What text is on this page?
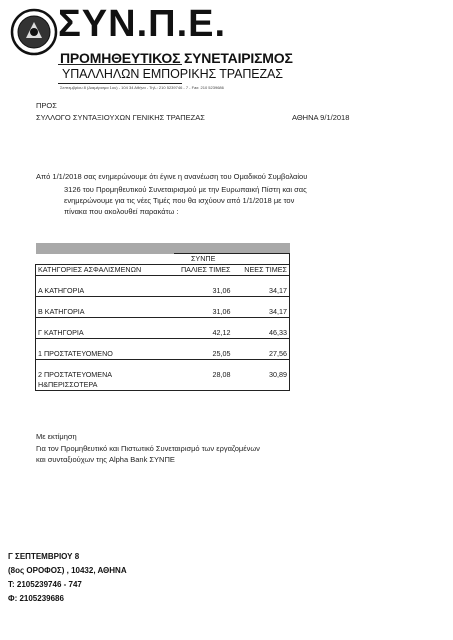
ΣΥΝ.Π.Ε.
ΠΡΟΜΗΘΕΥΤΙΚΟΣ ΣΥΝΕΤΑΙΡΙΣΜΟΣ
ΥΠΑΛΛΗΛΩΝ ΕΜΠΟΡΙΚΗΣ ΤΡΑΠΕΖΑΣ
Σεπτεμβρίου 8 (Διαμέρισμα 1ου) - 104 34 Αθήνα - Τηλ.: 210 5239746 - 7 - Fax: 210 5239686
ΠΡΟΣ
ΣΥΛΛΟΓΟ ΣΥΝΤΑΞΙΟΥΧΩΝ ΓΕΝΙΚΗΣ ΤΡΑΠΕΖΑΣ	ΑΘΗΝΑ 9/1/2018
Από 1/1/2018 σας ενημερώνουμε ότι έγινε η ανανέωση του Ομαδικού Συμβολαίου
3126 του Προμηθευτικού Συνεταιρισμού με την Ευρωπαική Πίστη και σας
ενημερώνουμε για τις νέες Τιμές που θα ισχύουν από 1/1/2018 με τον
πίνακα που ακολουθεί παρακάτω :

	ΣΥΝΠΕ	
ΚΑΤΗΓΟΡΙΕΣ ΑΣΦΑΛΙΣΜΕΝΩΝ	ΠΑΛΙΕΣ ΤΙΜΕΣ	ΝΕΕΣ ΤΙΜΕΣ

Α ΚΑΤΗΓΟΡΙΑ	31,06	34,17

Β ΚΑΤΗΓΟΡΙΑ	31,06	34,17

Γ ΚΑΤΗΓΟΡΙΑ	42,12	46,33

1 ΠΡΟΣΤΑΤΕΥΟΜΕΝΟ	25,05	27,56

2 ΠΡΟΣΤΑΤΕΥΟΜΕΝΑ	28,08	30,89
Η&ΠΕΡΙΣΣΟΤΕΡΑ		
Με εκτίμηση
Για τον Προμηθευτικό και Πιστωτικό Συνεταιρισμό των εργαζομένων
και συνταξιούχων της Alpha Bank ΣΥΝΠΕ
Γ ΣΕΠΤΕΜΒΡΙΟΥ 8
(8ος ΟΡΟΦΟΣ) , 10432, ΑΘΗΝΑ
Τ: 2105239746 - 747
Φ: 2105239686
